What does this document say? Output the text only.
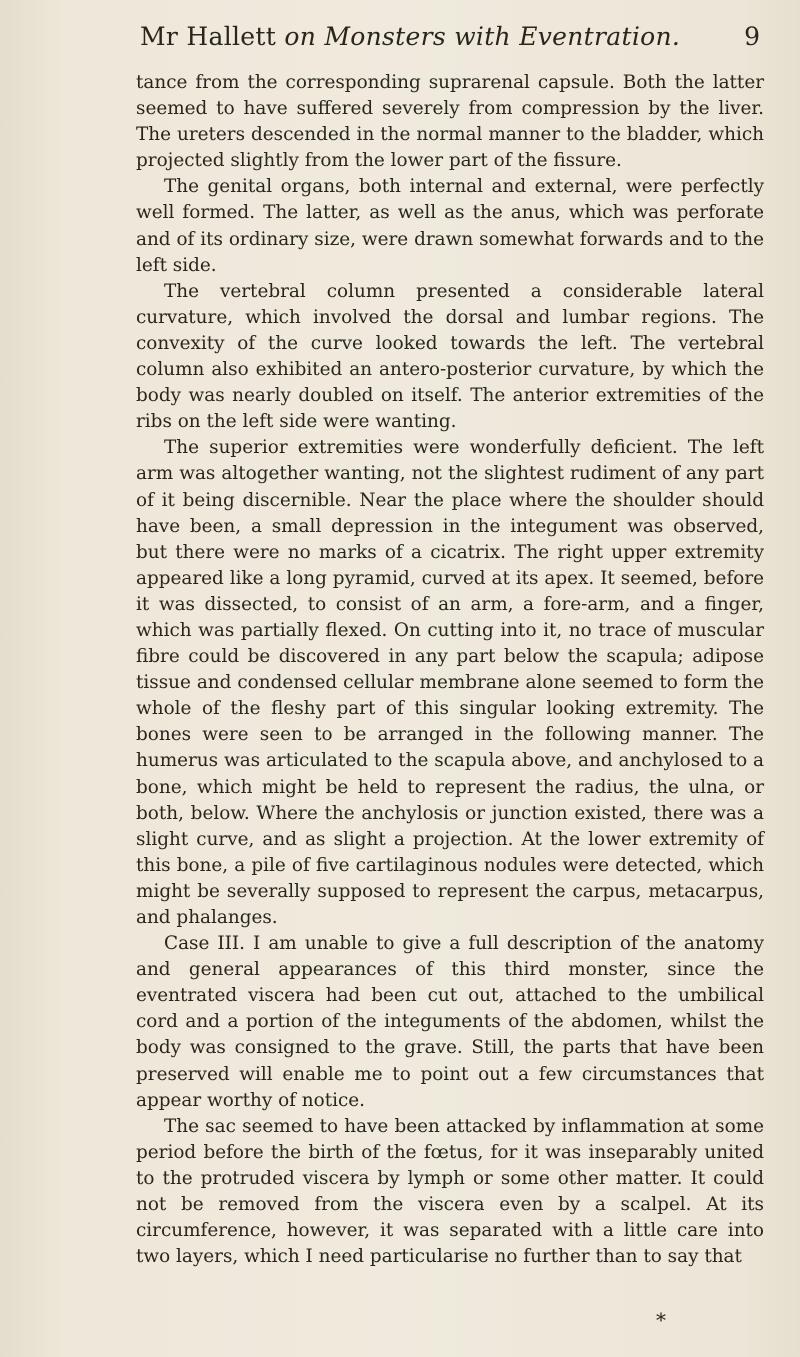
Mr Hallett on Monsters with Eventration.	9

tance from the corresponding suprarenal capsule. Both the latter seemed to have suffered severely from compression by the liver. The ureters descended in the normal manner to the bladder, which projected slightly from the lower part of the fissure.

The genital organs, both internal and external, were perfectly well formed. The latter, as well as the anus, which was perforate and of its ordinary size, were drawn somewhat forwards and to the left side.

The vertebral column presented a considerable lateral curvature, which involved the dorsal and lumbar regions. The convexity of the curve looked towards the left. The vertebral column also exhibited an antero-posterior curvature, by which the body was nearly doubled on itself. The anterior extremities of the ribs on the left side were wanting.

The superior extremities were wonderfully deficient. The left arm was altogether wanting, not the slightest rudiment of any part of it being discernible. Near the place where the shoulder should have been, a small depression in the integument was observed, but there were no marks of a cicatrix. The right upper extremity appeared like a long pyramid, curved at its apex. It seemed, before it was dissected, to consist of an arm, a fore-arm, and a finger, which was partially flexed. On cutting into it, no trace of muscular fibre could be discovered in any part below the scapula; adipose tissue and condensed cellular membrane alone seemed to form the whole of the fleshy part of this singular looking extremity. The bones were seen to be arranged in the following manner. The humerus was articulated to the scapula above, and anchylosed to a bone, which might be held to represent the radius, the ulna, or both, below. Where the anchylosis or junction existed, there was a slight curve, and as slight a projection. At the lower extremity of this bone, a pile of five cartilaginous nodules were detected, which might be severally supposed to represent the carpus, metacarpus, and phalanges.

Case III. I am unable to give a full description of the anatomy and general appearances of this third monster, since the eventrated viscera had been cut out, attached to the umbilical cord and a portion of the integuments of the abdomen, whilst the body was consigned to the grave. Still, the parts that have been preserved will enable me to point out a few circumstances that appear worthy of notice.

The sac seemed to have been attacked by inflammation at some period before the birth of the fœtus, for it was inseparably united to the protruded viscera by lymph or some other matter. It could not be removed from the viscera even by a scalpel. At its circumference, however, it was separated with a little care into two layers, which I need particularise no further than to say that

*
